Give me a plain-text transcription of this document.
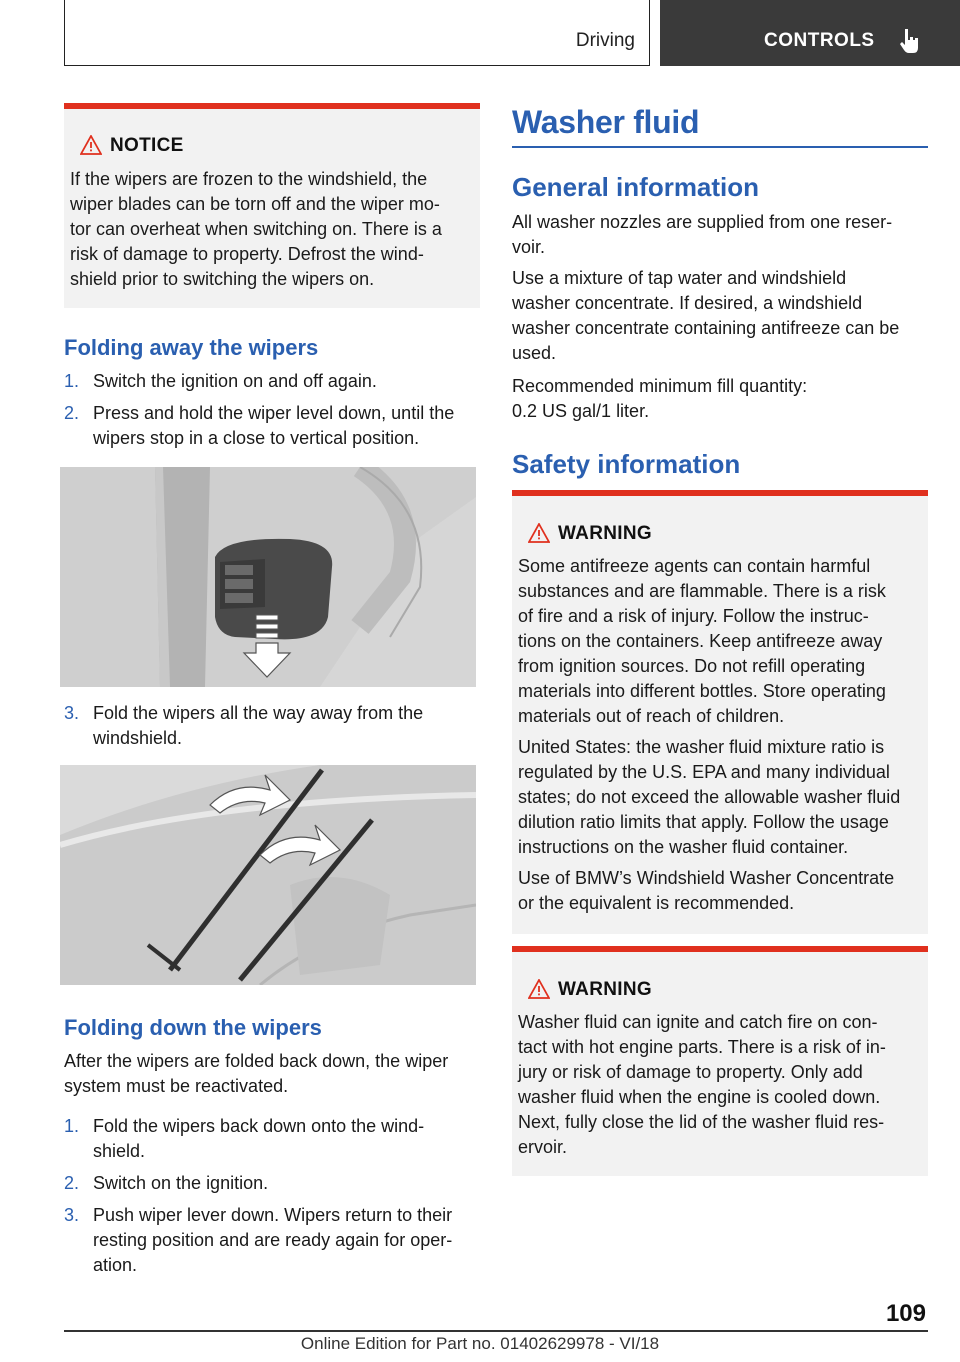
Driving	CONTROLS
NOTICE
If the wipers are frozen to the windshield, the
wiper blades can be torn off and the wiper mo-
tor can overheat when switching on. There is a
risk of damage to property. Defrost the wind-
shield prior to switching the wipers on.
Folding away the wipers
1. Switch the ignition on and off again.
2. Press and hold the wiper level down, until the
wipers stop in a close to vertical position.
3. Fold the wipers all the way away from the
windshield.
Folding down the wipers
After the wipers are folded back down, the wiper
system must be reactivated.
1. Fold the wipers back down onto the wind-
shield.
2. Switch on the ignition.
3. Push wiper lever down. Wipers return to their
resting position and are ready again for oper-
ation.
Washer fluid
General information
All washer nozzles are supplied from one reser-
voir.
Use a mixture of tap water and windshield
washer concentrate. If desired, a windshield
washer concentrate containing antifreeze can be
used.
Recommended minimum fill quantity:
0.2 US gal/1 liter.
Safety information
WARNING

Some antifreeze agents can contain harmful
substances and are flammable. There is a risk
of fire and a risk of injury. Follow the instruc-
tions on the containers. Keep antifreeze away
from ignition sources. Do not refill operating
materials into different bottles. Store operating
materials out of reach of children.

United States: the washer fluid mixture ratio is
regulated by the U.S. EPA and many individual
states; do not exceed the allowable washer fluid
dilution ratio limits that apply. Follow the usage
instructions on the washer fluid container.

Use of BMW’s Windshield Washer Concentrate
or the equivalent is recommended.

WARNING
Washer fluid can ignite and catch fire on con-
tact with hot engine parts. There is a risk of in-
jury or risk of damage to property. Only add
washer fluid when the engine is cooled down.
Next, fully close the lid of the washer fluid res-
ervoir.
109
Online Edition for Part no. 01402629978 - VI/18
